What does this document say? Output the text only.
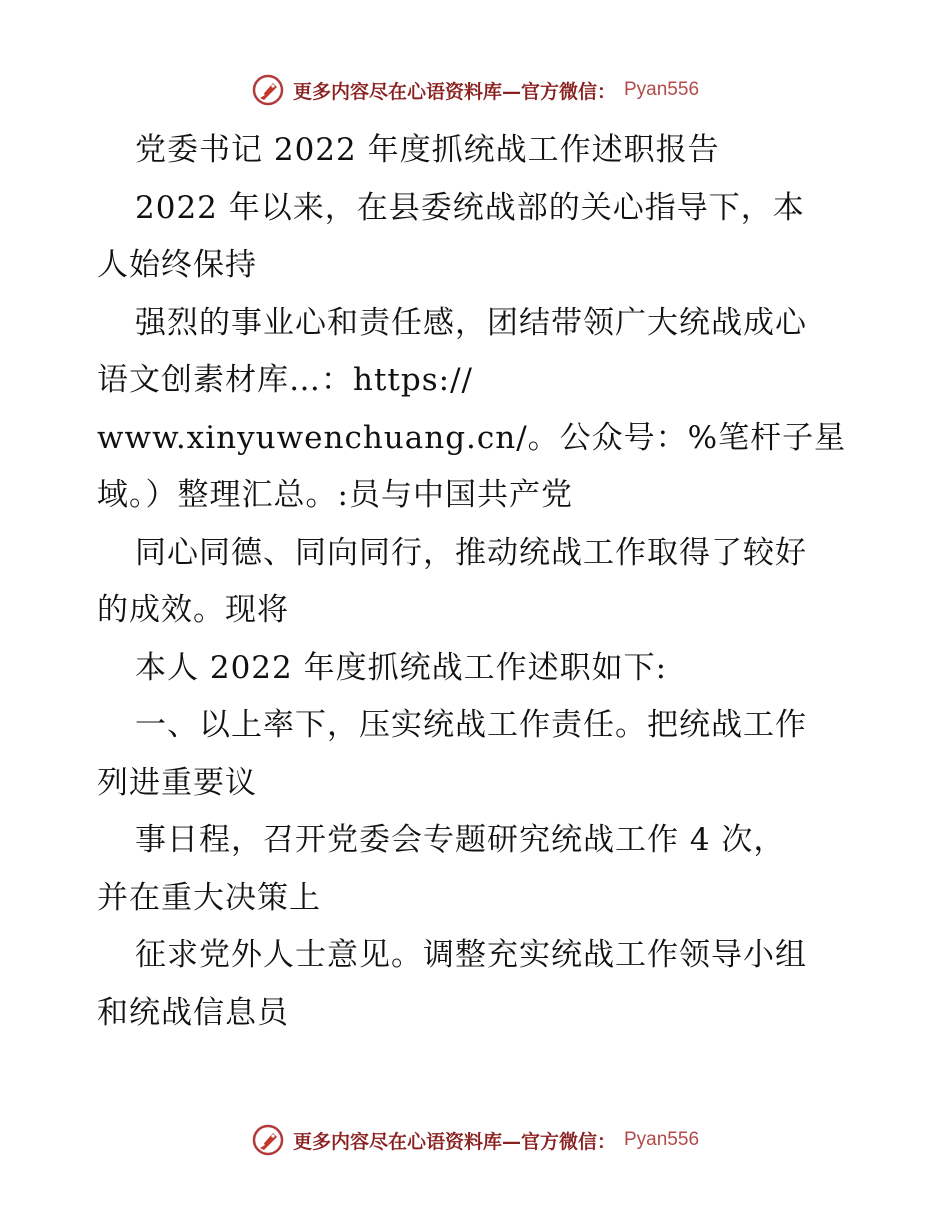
更多内容尽在心语资料库—官方微信： Pyan556
党委书记 2022 年度抓统战工作述职报告
2022 年以来，在县委统战部的关心指导下，本
人始终保持
强烈的事业心和责任感，团结带领广大统战成心
语文创素材库…：https://
www.xinyuwenchuang.cn/。公众号：%笔杆子星
域。）整理汇总。:员与中国共产党
同心同德、同向同行，推动统战工作取得了较好
的成效。现将
本人 2022 年度抓统战工作述职如下:
一、以上率下，压实统战工作责任。把统战工作
列进重要议
事日程，召开党委会专题研究统战工作 4 次，
并在重大决策上
征求党外人士意见。调整充实统战工作领导小组
和统战信息员
更多内容尽在心语资料库—官方微信： Pyan556
